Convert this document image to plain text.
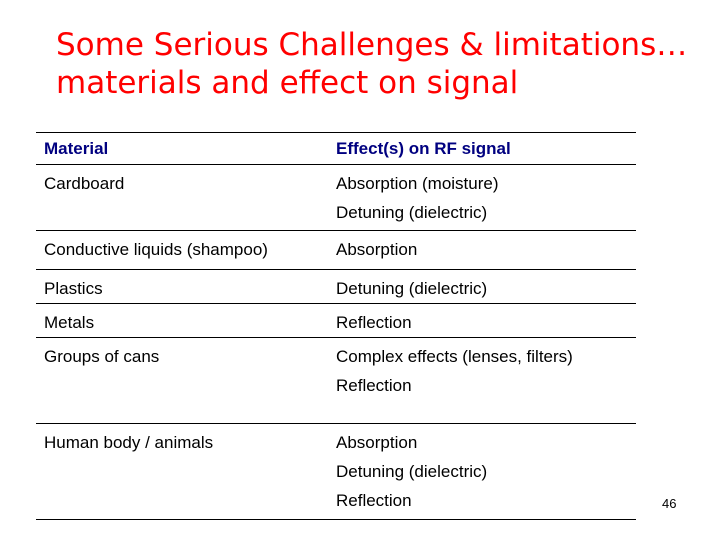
Some Serious Challenges & limitations…
materials and effect on signal
Material	Effect(s) on RF signal
Cardboard	Absorption (moisture)
Detuning (dielectric)
Conductive liquids (shampoo)	Absorption
Plastics	Detuning (dielectric)
Metals	Reflection
Groups of cans	Complex effects (lenses, filters)
Reflection
Human body / animals	Absorption
Detuning (dielectric)
Reflection	46
